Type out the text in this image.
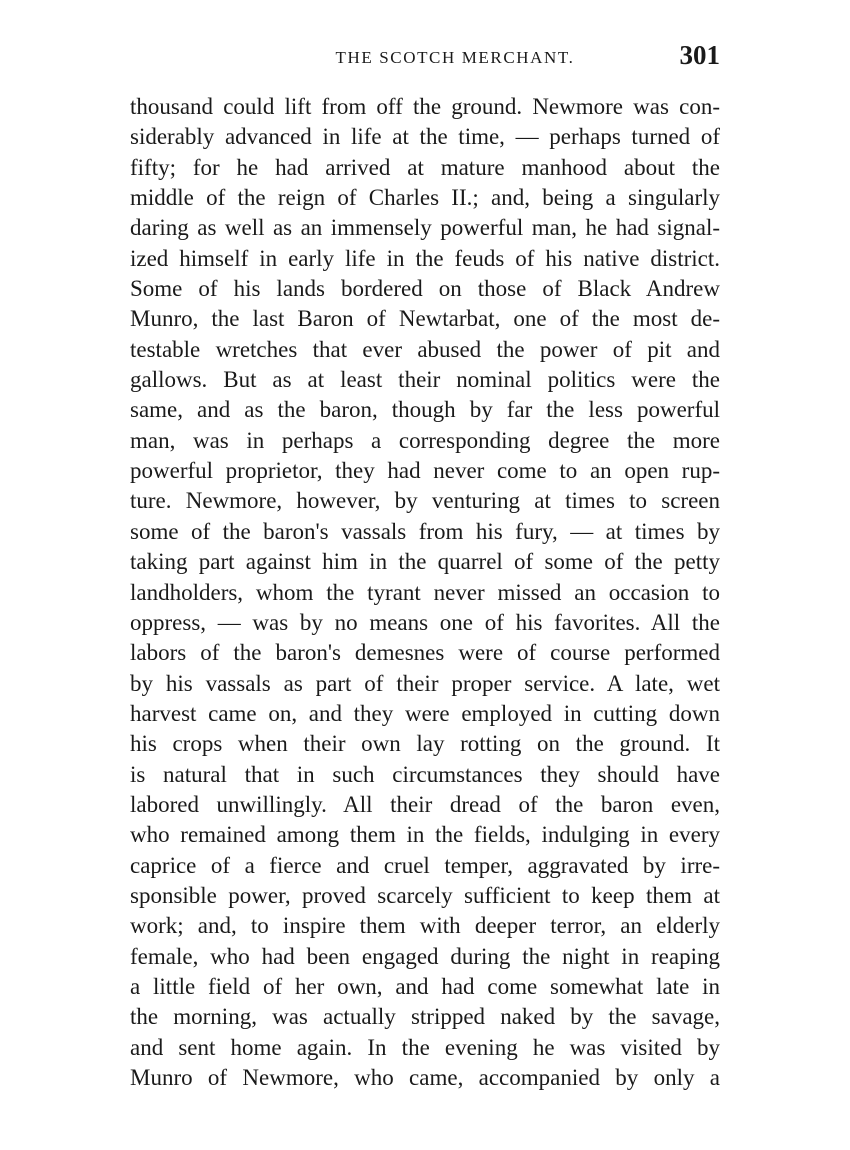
THE SCOTCH MERCHANT.	301

thousand could lift from off the ground. Newmore was con-
siderably advanced in life at the time, — perhaps turned of
fifty; for he had arrived at mature manhood about the
middle of the reign of Charles II.; and, being a singularly
daring as well as an immensely powerful man, he had signal-
ized himself in early life in the feuds of his native district.
Some of his lands bordered on those of Black Andrew
Munro, the last Baron of Newtarbat, one of the most de-
testable wretches that ever abused the power of pit and
gallows. But as at least their nominal politics were the
same, and as the baron, though by far the less powerful
man, was in perhaps a corresponding degree the more
powerful proprietor, they had never come to an open rup-
ture. Newmore, however, by venturing at times to screen
some of the baron's vassals from his fury, — at times by
taking part against him in the quarrel of some of the petty
landholders, whom the tyrant never missed an occasion to
oppress, — was by no means one of his favorites. All the
labors of the baron's demesnes were of course performed
by his vassals as part of their proper service. A late, wet
harvest came on, and they were employed in cutting down
his crops when their own lay rotting on the ground. It
is natural that in such circumstances they should have
labored unwillingly. All their dread of the baron even,
who remained among them in the fields, indulging in every
caprice of a fierce and cruel temper, aggravated by irre-
sponsible power, proved scarcely sufficient to keep them at
work; and, to inspire them with deeper terror, an elderly
female, who had been engaged during the night in reaping
a little field of her own, and had come somewhat late in
the morning, was actually stripped naked by the savage,
and sent home again. In the evening he was visited by
Munro of Newmore, who came, accompanied by only a
